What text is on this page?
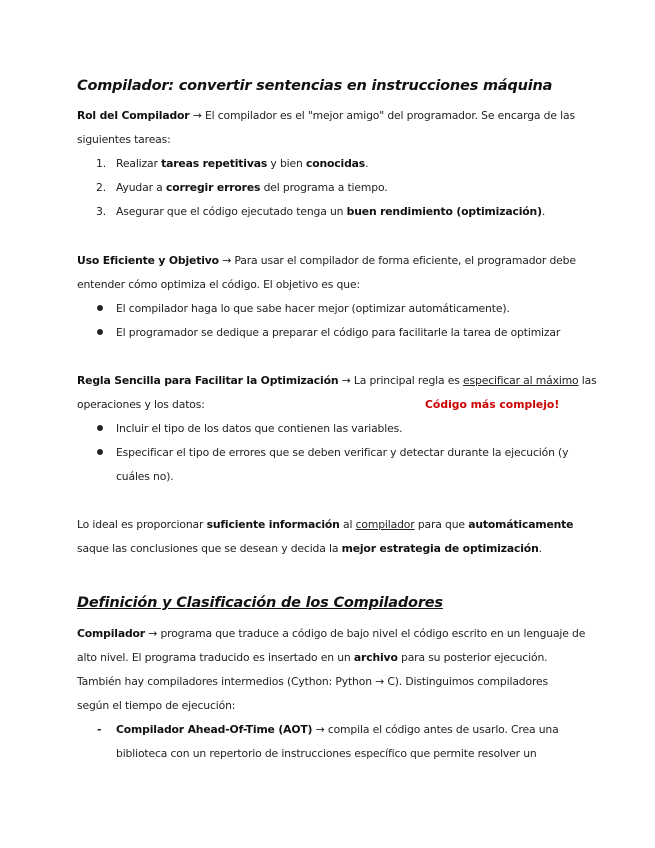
Compilador: convertir sentencias en instrucciones máquina
Rol del Compilador → El compilador es el "mejor amigo" del programador. Se encarga de las
siguientes tareas:
1. Realizar tareas repetitivas y bien conocidas.
2. Ayudar a corregir errores del programa a tiempo.
3. Asegurar que el código ejecutado tenga un buen rendimiento (optimización).
Uso Eficiente y Objetivo → Para usar el compilador de forma eficiente, el programador debe
entender cómo optimiza el código. El objetivo es que:
El compilador haga lo que sabe hacer mejor (optimizar automáticamente).
El programador se dedique a preparar el código para facilitarle la tarea de optimizar
Regla Sencilla para Facilitar la Optimización → La principal regla es especificar al máximo las
operaciones y los datos:	Código más complejo!
Incluir el tipo de los datos que contienen las variables.
Especificar el tipo de errores que se deben verificar y detectar durante la ejecución (y
cuáles no).
Lo ideal es proporcionar suficiente información al compilador para que automáticamente
saque las conclusiones que se desean y decida la mejor estrategia de optimización.
Definición y Clasificación de los Compiladores
Compilador → programa que traduce a código de bajo nivel el código escrito en un lenguaje de
alto nivel. El programa traducido es insertado en un archivo para su posterior ejecución.
También hay compiladores intermedios (Cython: Python → C). Distinguimos compiladores
según el tiempo de ejecución:
- Compilador Ahead-Of-Time (AOT) → compila el código antes de usarlo. Crea una
biblioteca con un repertorio de instrucciones específico que permite resolver un
